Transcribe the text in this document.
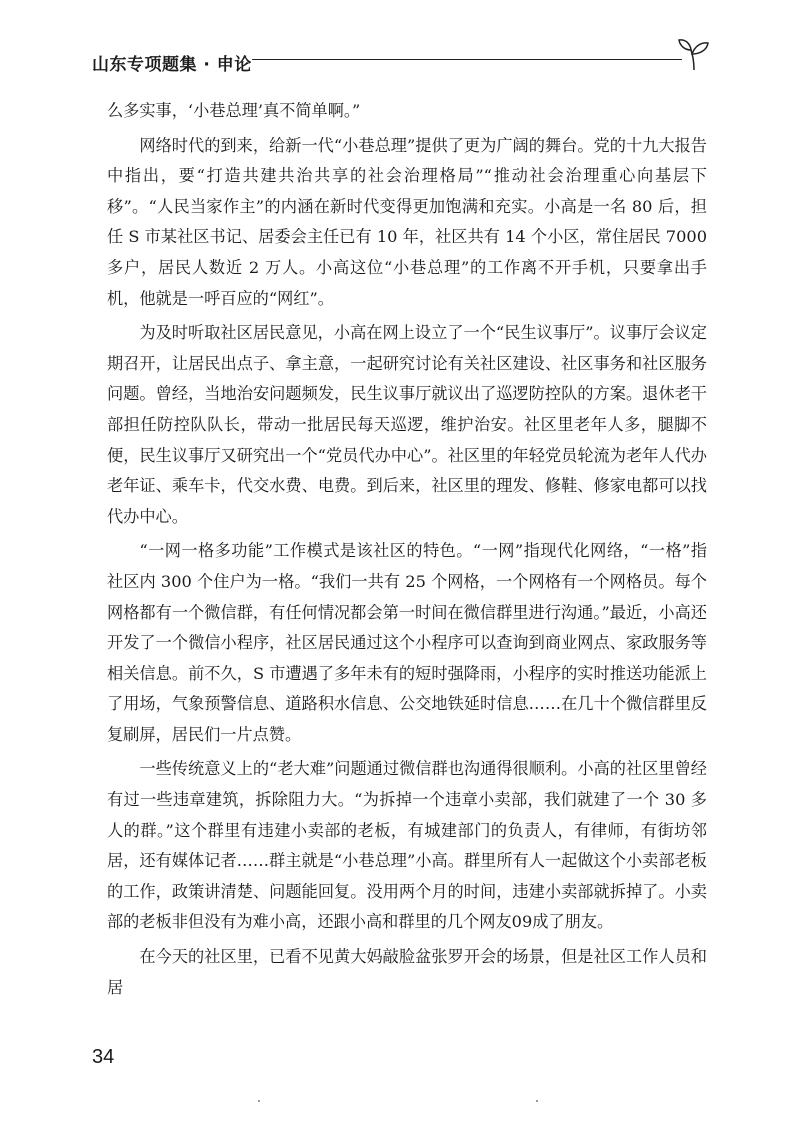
山东专项题集 · 申论

么多实事，‘小巷总理’真不简单啊。”

网络时代的到来，给新一代“小巷总理”提供了更为广阔的舞台。党的十九大报告中指出，要“打造共建共治共享的社会治理格局”“推动社会治理重心向基层下移”。“人民当家作主”的内涵在新时代变得更加饱满和充实。小高是一名 80 后，担任 S 市某社区书记、居委会主任已有 10 年，社区共有 14 个小区，常住居民 7000 多户，居民人数近 2 万人。小高这位“小巷总理”的工作离不开手机，只要拿出手机，他就是一呼百应的“网红”。

为及时听取社区居民意见，小高在网上设立了一个“民生议事厅”。议事厅会议定期召开，让居民出点子、拿主意，一起研究讨论有关社区建设、社区事务和社区服务问题。曾经，当地治安问题频发，民生议事厅就议出了巡逻防控队的方案。退休老干部担任防控队队长，带动一批居民每天巡逻，维护治安。社区里老年人多，腿脚不便，民生议事厅又研究出一个“党员代办中心”。社区里的年轻党员轮流为老年人代办老年证、乘车卡，代交水费、电费。到后来，社区里的理发、修鞋、修家电都可以找代办中心。

“一网一格多功能”工作模式是该社区的特色。“一网”指现代化网络，“一格”指社区内 300 个住户为一格。“我们一共有 25 个网格，一个网格有一个网格员。每个网格都有一个微信群，有任何情况都会第一时间在微信群里进行沟通。”最近，小高还开发了一个微信小程序，社区居民通过这个小程序可以查询到商业网点、家政服务等相关信息。前不久，S 市遭遇了多年未有的短时强降雨，小程序的实时推送功能派上了用场，气象预警信息、道路积水信息、公交地铁延时信息……在几十个微信群里反复刷屏，居民们一片点赞。

一些传统意义上的“老大难”问题通过微信群也沟通得很顺利。小高的社区里曾经有过一些违章建筑，拆除阻力大。“为拆掉一个违章小卖部，我们就建了一个 30 多人的群。”这个群里有违建小卖部的老板，有城建部门的负责人，有律师，有街坊邻居，还有媒体记者……群主就是“小巷总理”小高。群里所有人一起做这个小卖部老板的工作，政策讲清楚、问题能回复。没用两个月的时间，违建小卖部就拆掉了。小卖部的老板非但没有为难小高，还跟小高和群里的几个网友09成了朋友。

在今天的社区里，已看不见黄大妈敲脸盆张罗开会的场景，但是社区工作人员和居

34
